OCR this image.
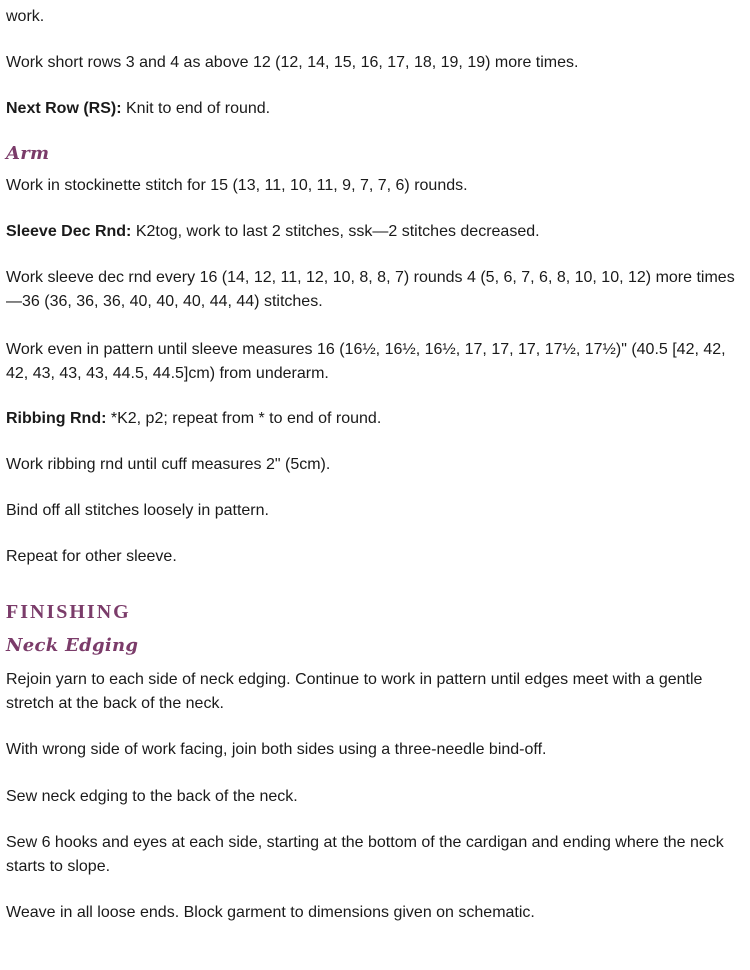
work.

Work short rows 3 and 4 as above 12 (12, 14, 15, 16, 17, 18, 19, 19) more times.

Next Row (RS): Knit to end of round.

Arm

Work in stockinette stitch for 15 (13, 11, 10, 11, 9, 7, 7, 6) rounds.

Sleeve Dec Rnd: K2tog, work to last 2 stitches, ssk—2 stitches decreased.

Work sleeve dec rnd every 16 (14, 12, 11, 12, 10, 8, 8, 7) rounds 4 (5, 6, 7, 6, 8, 10, 10, 12) more times—36 (36, 36, 36, 40, 40, 40, 44, 44) stitches.

Work even in pattern until sleeve measures 16 (16½, 16½, 16½, 17, 17, 17, 17½, 17½)" (40.5 [42, 42, 42, 43, 43, 43, 44.5, 44.5]cm) from underarm.

Ribbing Rnd: *K2, p2; repeat from * to end of round.

Work ribbing rnd until cuff measures 2" (5cm).

Bind off all stitches loosely in pattern.

Repeat for other sleeve.

FINISHING
Neck Edging

Rejoin yarn to each side of neck edging. Continue to work in pattern until edges meet with a gentle stretch at the back of the neck.

With wrong side of work facing, join both sides using a three-needle bind-off.

Sew neck edging to the back of the neck.

Sew 6 hooks and eyes at each side, starting at the bottom of the cardigan and ending where the neck starts to slope.

Weave in all loose ends. Block garment to dimensions given on schematic.
